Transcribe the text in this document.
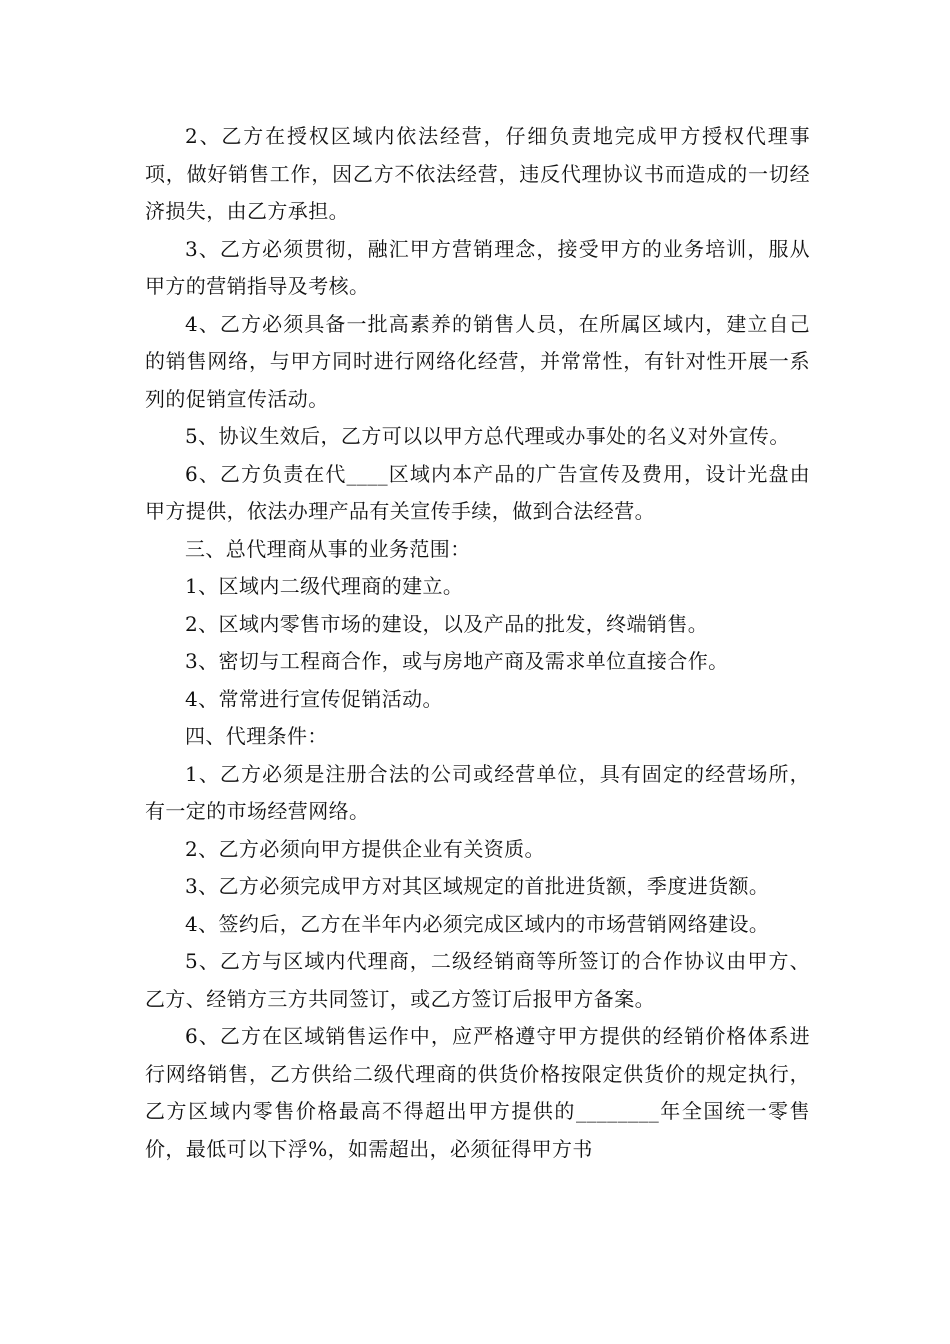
2、乙方在授权区域内依法经营，仔细负责地完成甲方授权代理事项，做好销售工作，因乙方不依法经营，违反代理协议书而造成的一切经济损失，由乙方承担。

3、乙方必须贯彻，融汇甲方营销理念，接受甲方的业务培训，服从甲方的营销指导及考核。

4、乙方必须具备一批高素养的销售人员，在所属区域内，建立自己的销售网络，与甲方同时进行网络化经营，并常常性，有针对性开展一系列的促销宣传活动。

5、协议生效后，乙方可以以甲方总代理或办事处的名义对外宣传。

6、乙方负责在代____区域内本产品的广告宣传及费用，设计光盘由甲方提供，依法办理产品有关宣传手续，做到合法经营。

三、总代理商从事的业务范围：

1、区域内二级代理商的建立。

2、区域内零售市场的建设，以及产品的批发，终端销售。

3、密切与工程商合作，或与房地产商及需求单位直接合作。

4、常常进行宣传促销活动。

四、代理条件：

1、乙方必须是注册合法的公司或经营单位，具有固定的经营场所，有一定的市场经营网络。

2、乙方必须向甲方提供企业有关资质。

3、乙方必须完成甲方对其区域规定的首批进货额，季度进货额。

4、签约后，乙方在半年内必须完成区域内的市场营销网络建设。

5、乙方与区域内代理商，二级经销商等所签订的合作协议由甲方、乙方、经销方三方共同签订，或乙方签订后报甲方备案。

6、乙方在区域销售运作中，应严格遵守甲方提供的经销价格体系进行网络销售，乙方供给二级代理商的供货价格按限定供货价的规定执行，乙方区域内零售价格最高不得超出甲方提供的________年全国统一零售价，最低可以下浮%，如需超出，必须征得甲方书
